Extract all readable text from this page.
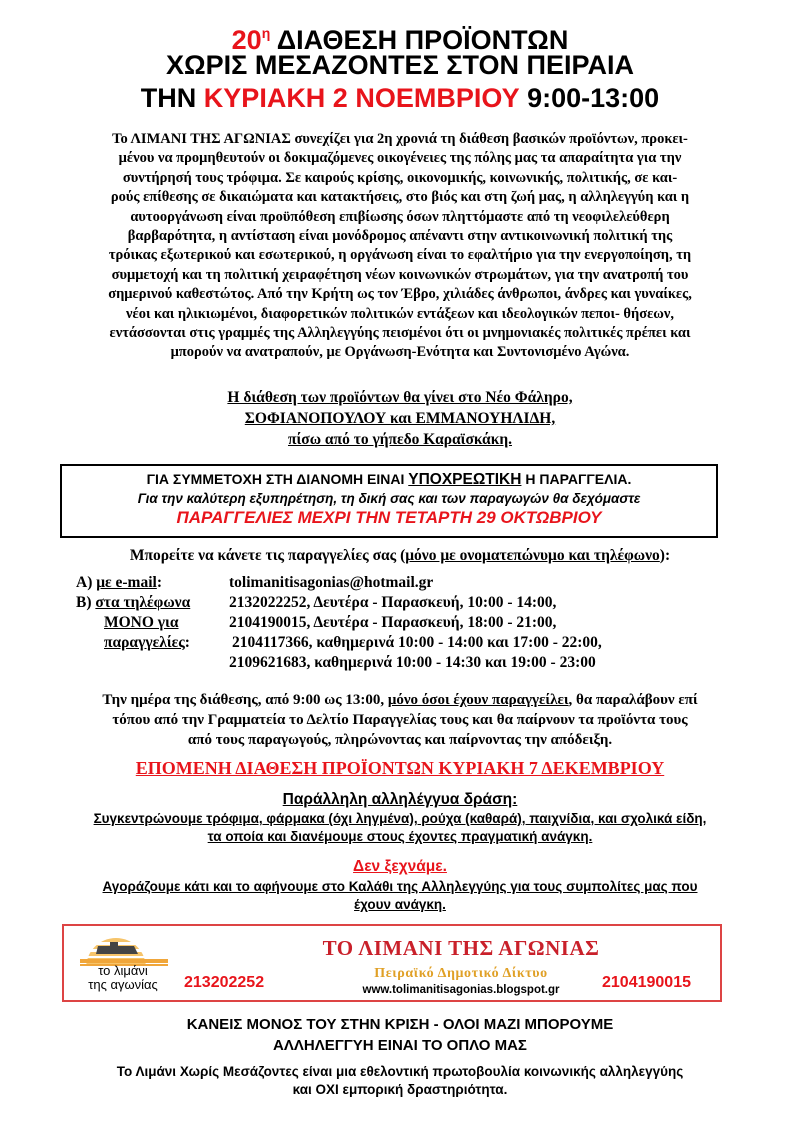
$20^\eta$ ΔΙΑΘΕΣΗ ΠΡΟΪΟΝΤΩΝ
ΧΩΡΙΣ ΜΕΣΑΖΟΝΤΕΣ ΣΤΟΝ ΠΕΙΡΑΙΑ
ΤΗΝ ΚΥΡΙΑΚΗ 2 ΝΟΕΜΒΡΙΟΥ 9:00-13:00
Το ΛΙΜΑΝΙ ΤΗΣ ΑΓΩΝΙΑΣ συνεχίζει για 2η χρονιά τη διάθεση βασικών προϊόντων, προκει-
μένου να προμηθευτούν οι δοκιμαζόμενες οικογένειες της πόλης μας τα απαραίτητα για την
συντήρησή τους τρόφιμα. Σε καιρούς κρίσης, οικονομικής, κοινωνικής, πολιτικής, σε και-
ρούς επίθεσης σε δικαιώματα και κατακτήσεις, στο βιός και στη ζωή μας, η αλληλεγγύη και η
αυτοοργάνωση είναι προϋπόθεση επιβίωσης όσων πληττόμαστε από τη νεοφιλελεύθερη
βαρβαρότητα, η αντίσταση είναι μονόδρομος απέναντι στην αντικοινωνική πολιτική της
τρόικας εξωτερικού και εσωτερικού, η οργάνωση είναι το εφαλτήριο για την ενεργοποίηση, τη
συμμετοχή και τη πολιτική χειραφέτηση νέων κοινωνικών στρωμάτων, για την ανατροπή του
σημερινού καθεστώτος. Από την Κρήτη ως τον Έβρο, χιλιάδες άνθρωποι, άνδρες και γυναίκες,
νέοι και ηλικιωμένοι, διαφορετικών πολιτικών εντάξεων και ιδεολογικών πεποι- θήσεων,
εντάσσονται στις γραμμές της Αλληλεγγύης πεισμένοι ότι οι μνημονιακές πολιτικές πρέπει και
μπορούν να ανατραπούν, με Οργάνωση-Ενότητα και Συντονισμένο Αγώνα.
Η διάθεση των προϊόντων θα γίνει στο Νέο Φάληρο,
ΣΟΦΙΑΝΟΠΟΥΛΟΥ και ΕΜΜΑΝΟΥΗΛΙΔΗ,
πίσω από το γήπεδο Καραϊσκάκη.
ΓΙΑ ΣΥΜΜΕΤΟΧΗ ΣΤΗ ΔΙΑΝΟΜΗ ΕΙΝΑΙ ΥΠΟΧΡΕΩΤΙΚΗ Η ΠΑΡΑΓΓΕΛΙΑ.
Για την καλύτερη εξυπηρέτηση, τη δική σας και των παραγωγών θα δεχόμαστε
ΠΑΡΑΓΓΕΛΙΕΣ ΜΕΧΡΙ ΤΗΝ ΤΕΤΑΡΤΗ 29 ΟΚΤΩΒΡΙΟΥ
Μπορείτε να κάνετε τις παραγγελίες σας (μόνο με ονοματεπώνυμο και τηλέφωνο):
Α) με e-mail:	tolimanitisagonias@hotmail.gr
Β) στα τηλέφωνα	2132022252, Δευτέρα - Παρασκευή, 10:00 - 14:00,
ΜΟΝΟ για	2104190015, Δευτέρα - Παρασκευή, 18:00 - 21:00,
παραγγελίες:	2104117366, καθημερινά 10:00 - 14:00 και 17:00 - 22:00,
2109621683, καθημερινά 10:00 - 14:30 και 19:00 - 23:00
Την ημέρα της διάθεσης, από 9:00 ως 13:00, μόνο όσοι έχουν παραγγείλει, θα παραλάβουν επί
τόπου από την Γραμματεία το Δελτίο Παραγγελίας τους και θα παίρνουν τα προϊόντα τους
από τους παραγωγούς, πληρώνοντας και παίρνοντας την απόδειξη.
ΕΠΟΜΕΝΗ ΔΙΑΘΕΣΗ ΠΡΟΪΟΝΤΩΝ ΚΥΡΙΑΚΗ 7 ΔΕΚΕΜΒΡΙΟΥ
Παράλληλη αλληλέγγυα δράση:
Συγκεντρώνουμε τρόφιμα, φάρμακα (όχι ληγμένα), ρούχα (καθαρά), παιχνίδια, και σχολικά είδη,
τα οποία και διανέμουμε στους έχοντες πραγματική ανάγκη.
Δεν ξεχνάμε.
Αγοράζουμε κάτι και το αφήνουμε στο Καλάθι της Αλληλεγγύης για τους συμπολίτες μας που
έχουν ανάγκη.
το λιμάνι
της αγωνίας	213202252
ΤΟ ΛΙΜΑΝΙ ΤΗΣ ΑΓΩΝΙΑΣ
Πειραϊκό Δημοτικό Δίκτυο
www.tolimanitisagonias.blogspot.gr	2104190015
ΚΑΝΕΙΣ ΜΟΝΟΣ ΤΟΥ ΣΤΗΝ ΚΡΙΣΗ - ΟΛΟΙ ΜΑΖΙ ΜΠΟΡΟΥΜΕ
ΑΛΛΗΛΕΓΓΥΗ ΕΙΝΑΙ ΤΟ ΟΠΛΟ ΜΑΣ
Το Λιμάνι Χωρίς Μεσάζοντες είναι μια εθελοντική πρωτοβουλία κοινωνικής αλληλεγγύης
και ΟΧΙ εμπορική δραστηριότητα.
